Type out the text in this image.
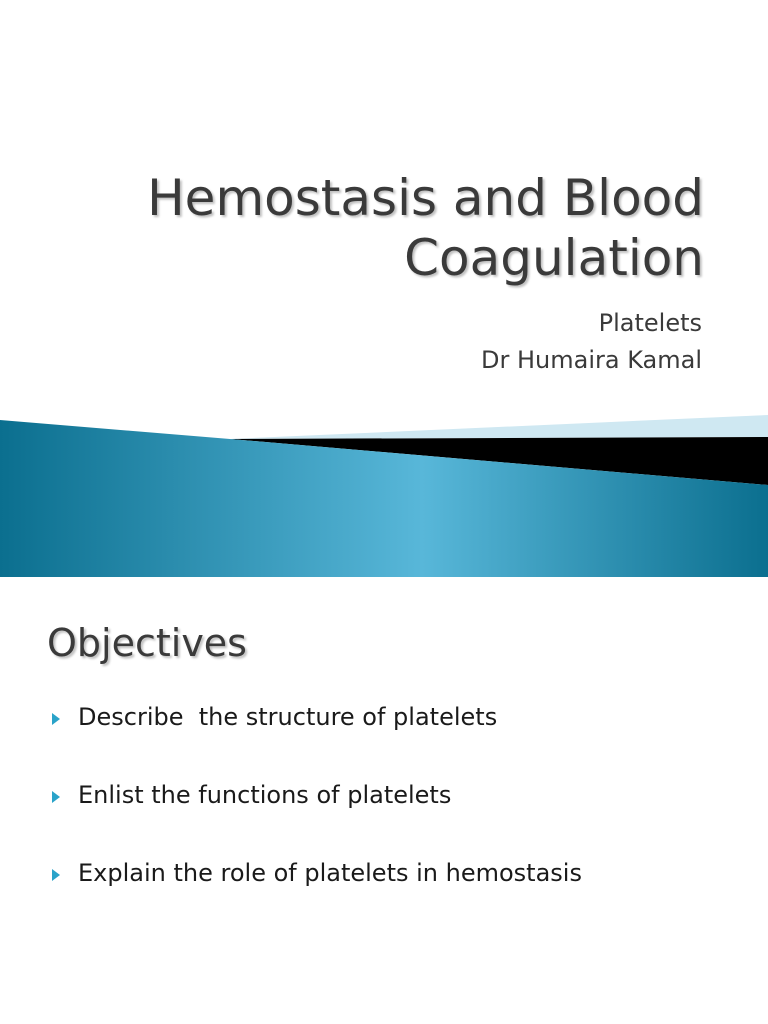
Hemostasis and Blood
Coagulation
Platelets
Dr Humaira Kamal
Objectives
Describe  the structure of platelets
Enlist the functions of platelets
Explain the role of platelets in hemostasis
